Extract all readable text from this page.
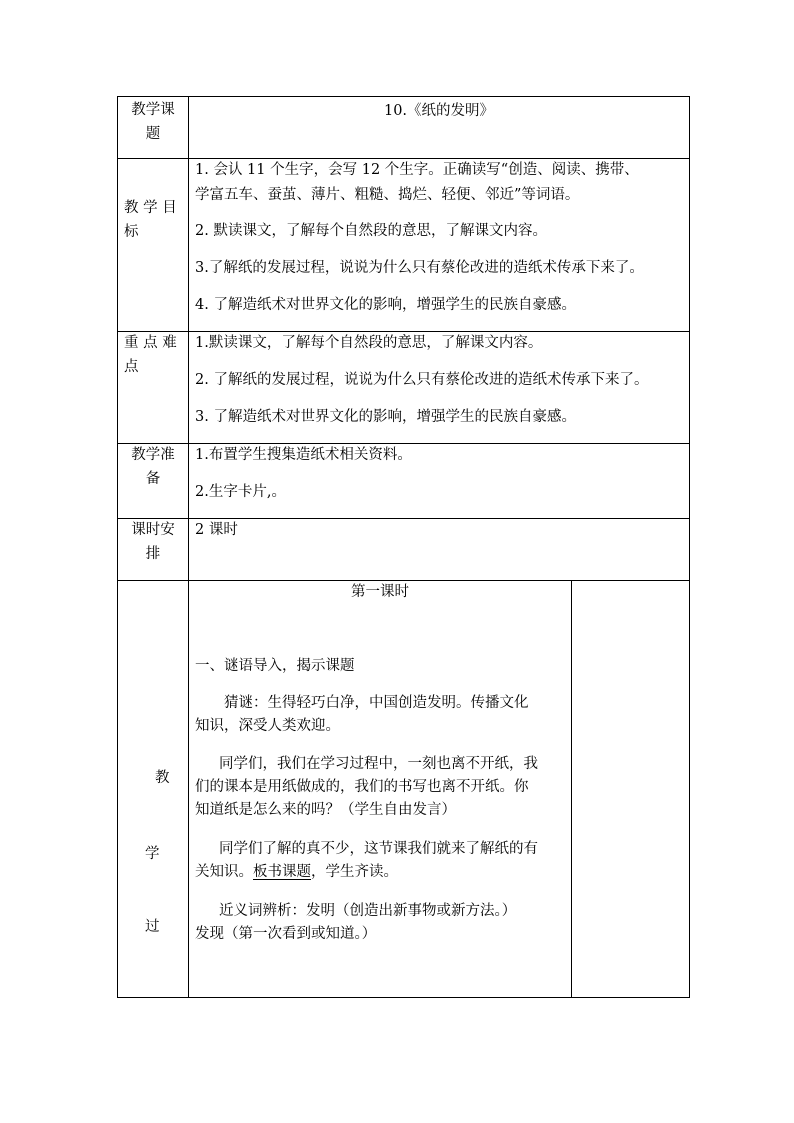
教学课
题
10.《纸的发明》
教 学 目
标
1. 会认 11 个生字，会写 12 个生字。正确读写“创造、阅读、携带、
学富五车、蚕茧、薄片、粗糙、捣烂、轻便、邻近”等词语。
2. 默读课文，了解每个自然段的意思，了解课文内容。
3.了解纸的发展过程，说说为什么只有蔡伦改进的造纸术传承下来了。
4. 了解造纸术对世界文化的影响，增强学生的民族自豪感。
重 点 难
点
1.默读课文，了解每个自然段的意思，了解课文内容。
2. 了解纸的发展过程，说说为什么只有蔡伦改进的造纸术传承下来了。
3. 了解造纸术对世界文化的影响，增强学生的民族自豪感。
教学准
备
1.布置学生搜集造纸术相关资料。
2.生字卡片,。
课时安
排
2 课时
教
学
过
第一课时
一、谜语导入，揭示课题
猜谜：生得轻巧白净，中国创造发明。传播文化
知识，深受人类欢迎。
同学们，我们在学习过程中，一刻也离不开纸，我
们的课本是用纸做成的，我们的书写也离不开纸。你
知道纸是怎么来的吗？（学生自由发言）
同学们了解的真不少，这节课我们就来了解纸的有
关知识。板书课题，学生齐读。
近义词辨析：发明（创造出新事物或新方法。）
发现（第一次看到或知道。）
